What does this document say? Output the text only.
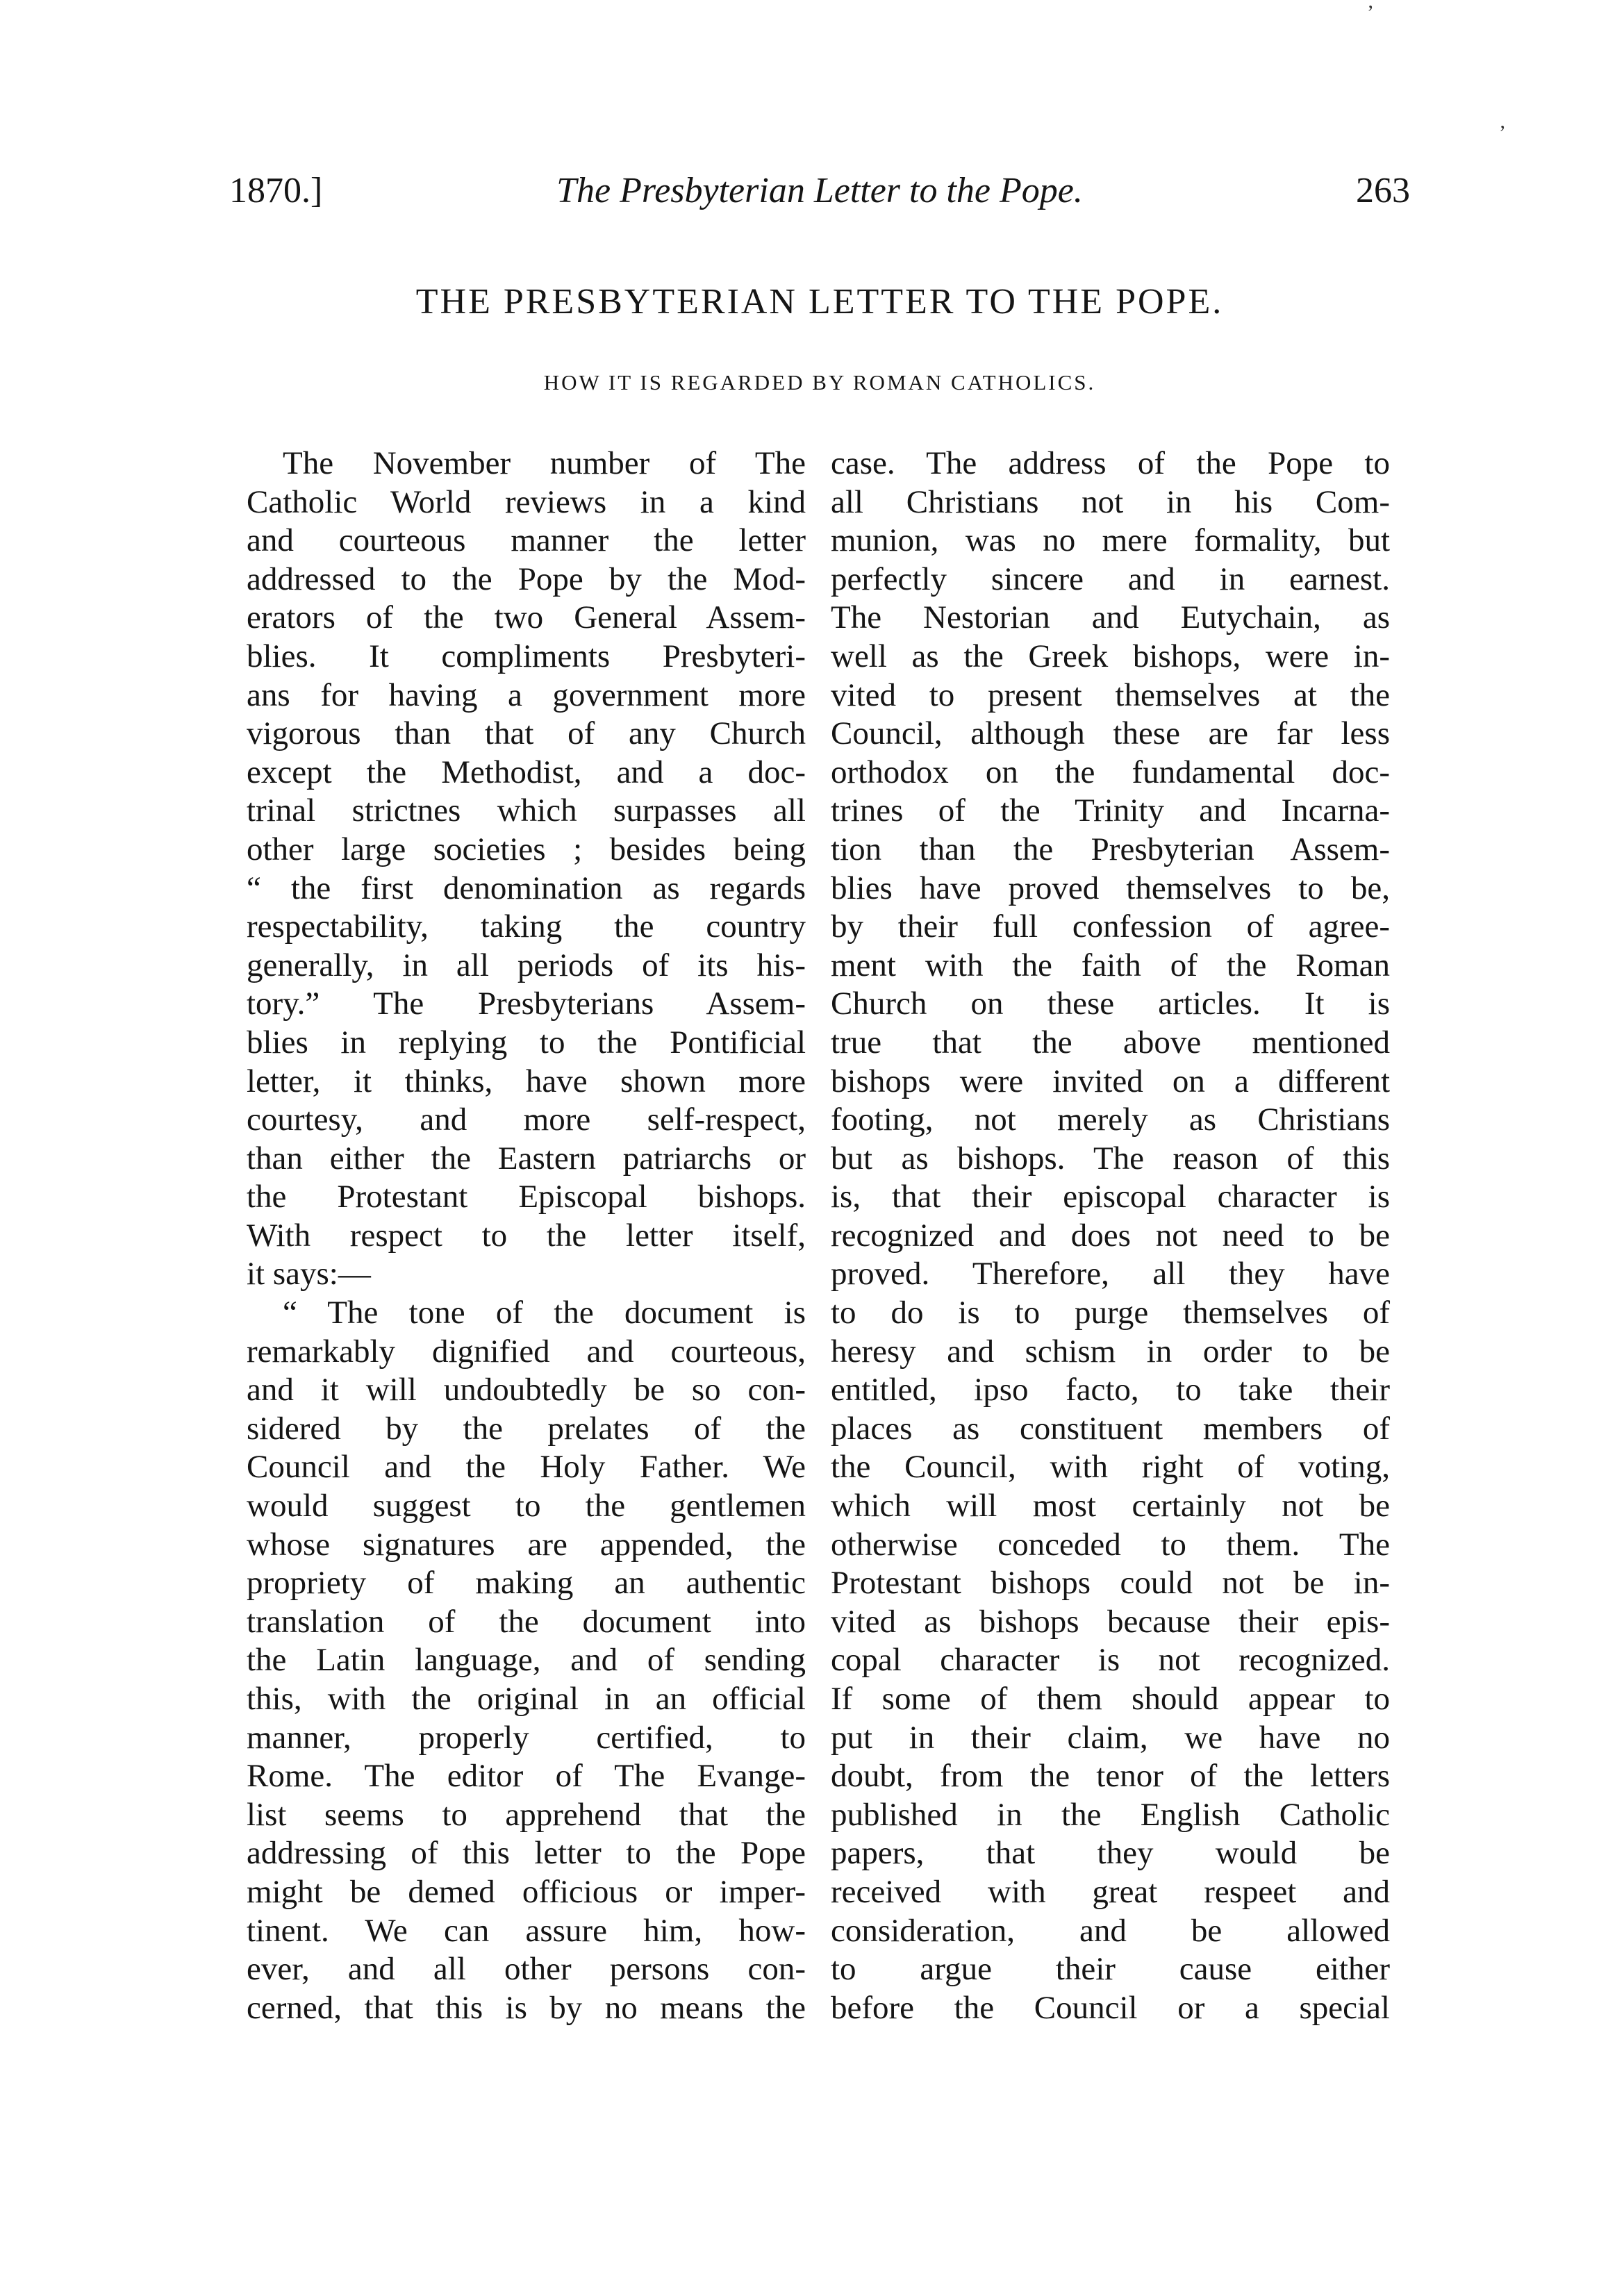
ʼ
ʼ
The Presbyterian Letter to the Pope.
1870.]	263
THE PRESBYTERIAN LETTER TO THE POPE.
HOW IT IS REGARDED BY ROMAN CATHOLICS.
The November number of The
Catholic World reviews in a kind
and courteous manner the letter
addressed to the Pope by the Mod-
erators of the two General Assem-
blies. It compliments Presbyteri-
ans for having a government more
vigorous than that of any Church
except the Methodist, and a doc-
trinal strictnes which surpasses all
other large societies ; besides being
“ the first denomination as regards
respectability, taking the country
generally, in all periods of its his-
tory.” The Presbyterians Assem-
blies in replying to the Pontificial
letter, it thinks, have shown more
courtesy, and more self-respect,
than either the Eastern patriarchs or
the Protestant Episcopal bishops.
With respect to the letter itself,
it says:—
“ The tone of the document is
remarkably dignified and courteous,
and it will undoubtedly be so con-
sidered by the prelates of the
Council and the Holy Father. We
would suggest to the gentlemen
whose signatures are appended, the
propriety of making an authentic
translation of the document into
the Latin language, and of sending
this, with the original in an official
manner, properly certified, to
Rome. The editor of The Evange-
list seems to apprehend that the
addressing of this letter to the Pope
might be demed officious or imper-
tinent. We can assure him, how-
ever, and all other persons con-
cerned, that this is by no means the
case. The address of the Pope to
all Christians not in his Com-
munion, was no mere formality, but
perfectly sincere and in earnest.
The Nestorian and Eutychain, as
well as the Greek bishops, were in-
vited to present themselves at the
Council, although these are far less
orthodox on the fundamental doc-
trines of the Trinity and Incarna-
tion than the Presbyterian Assem-
blies have proved themselves to be,
by their full confession of agree-
ment with the faith of the Roman
Church on these articles. It is
true that the above mentioned
bishops were invited on a different
footing, not merely as Christians
but as bishops. The reason of this
is, that their episcopal character is
recognized and does not need to be
proved. Therefore, all they have
to do is to purge themselves of
heresy and schism in order to be
entitled, ipso facto, to take their
places as constituent members of
the Council, with right of voting,
which will most certainly not be
otherwise conceded to them. The
Protestant bishops could not be in-
vited as bishops because their epis-
copal character is not recognized.
If some of them should appear to
put in their claim, we have no
doubt, from the tenor of the letters
published in the English Catholic
papers, that they would be
received with great respeet and
consideration, and be allowed
to argue their cause either
before the Council or a special
